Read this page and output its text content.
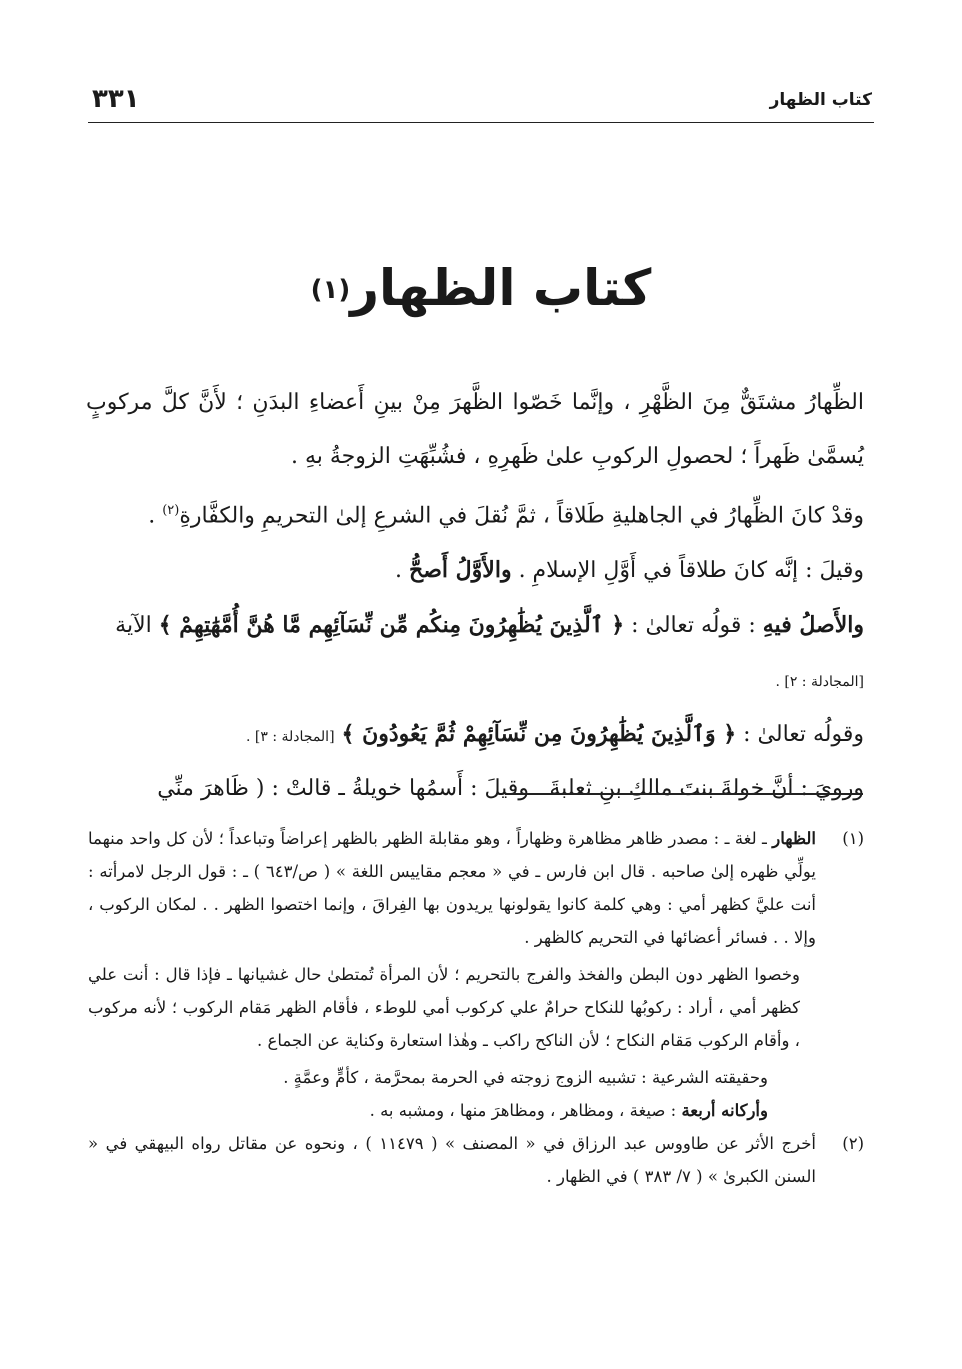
٣٣١	كتاب الظهار
كتاب الظهار$^{(١)}$

الظِّهارُ مشتَقٌّ مِنَ الظَّهْرِ ، وإنَّما خَصّوا الظَّهرَ مِنْ بينِ أَعضاءِ البدَنِ ؛ لأَنَّ كلَّ مركوبٍ يُسمَّىٰ ظَهراً ؛ لحصولِ الركوبِ علىٰ ظَهرِهِ ، فشُبِّهَتِ الزوجةُ بهِ .

وقدْ كانَ الظِّهارُ في الجاهليةِ طَلاقاً ، ثمَّ نُقلَ في الشرعِ إلىٰ التحريمِ والكفَّارةِ$^{(٢)}$ .

وقيلَ : إنَّه كانَ طلاقاً في أَوَّلِ الإسلامِ . والأَوَّلُ أَصحُّ .

والأَصلُ فيهِ : قولُه تعالىٰ : ﴿ ٱلَّذِينَ يُظَٰهِرُونَ مِنكُم مِّن نِّسَآئِهِم مَّا هُنَّ أُمَّهَٰتِهِمْ ﴾ الآية
[المجادلة : ٢] .

وقولُه تعالىٰ : ﴿ وَٱلَّذِينَ يُظَٰهِرُونَ مِن نِّسَآئِهِمْ ثُمَّ يَعُودُونَ ﴾ [المجادلة : ٣] .

ورويَ : أنَّ خولةَ بنتَ مالكِ بنِ ثعلبةَ ـ وقيلَ : أَسمُها خويلةُ ـ قالتْ : ( ظَاهرَ منِّي

(١)

الظهار ـ لغة ـ : مصدر ظاهر مظاهرة وظهاراً ، وهو مقابلة الظهر بالظهر إعراضاً وتباعداً ؛ لأن كل واحد منهما يولِّي ظهره إلىٰ صاحبه . قال ابن فارس ـ في « معجم مقاييس اللغة » ( ص/٦٤٣ ) ـ : قول الرجل لامرأته : أنت عليَّ كظهر أمي : وهي كلمة كانوا يقولونها يريدون بها الفِراقَ ، وإنما اختصوا الظهر . . لمكان الركوب ، وإلا . . فسائر أعضائها في التحريم كالظهر .

وخصوا الظهر دون البطن والفخذ والفرج بالتحريم ؛ لأن المرأة تُمتطىٰ حال غشيانها ـ فإذا قال : أنت علي كظهر أمي ، أراد : ركوبُها للنكاح حرامٌ علي كركوب أمي للوطء ، فأقام الظهر مَقام الركوب ؛ لأنه مركوب ، وأقام الركوب مَقام النكاح ؛ لأن الناكح راكب ـ وهٰذا استعارة وكناية عن الجماع .

وحقيقته الشرعية : تشبيه الزوج زوجته في الحرمة بمحرَّمة ، كأمٍّ وعمَّةٍ .

وأركانه أربعة : صيغة ، ومظاهر ، ومظاهرَ منها ، ومشبه به .

(٢)

أخرج الأثر عن طاووس عبد الرزاق في « المصنف » ( ١١٤٧٩ ) ، ونحوه عن مقاتل رواه البيهقي في « السنن الكبرىٰ » ( ٧/ ٣٨٣ ) في الظهار .
